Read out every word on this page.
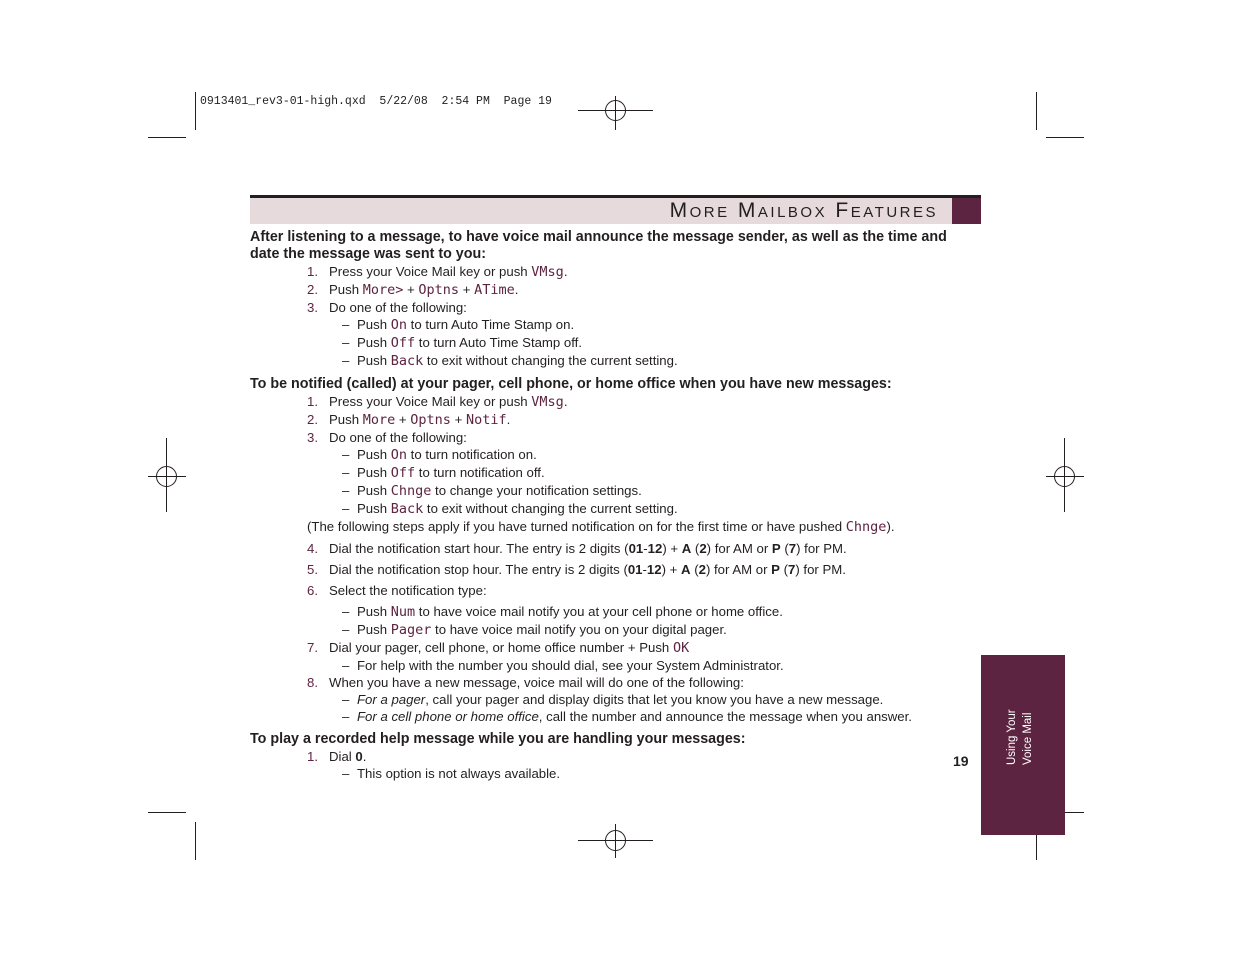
0913401_rev3-01-high.qxd  5/22/08  2:54 PM  Page 19
More Mailbox Features
Using Your Voice Mail
19

After listening to a message, to have voice mail announce the message sender, as well as the time and date the message was sent to you:

1. Press your Voice Mail key or push VMsg.
2. Push More> + Optns + ATime.
3. Do one of the following:
– Push On to turn Auto Time Stamp on.
– Push Off to turn Auto Time Stamp off.
– Push Back to exit without changing the current setting.

To be notified (called) at your pager, cell phone, or home office when you have new messages:

1. Press your Voice Mail key or push VMsg.
2. Push More + Optns + Notif.
3. Do one of the following:
– Push On to turn notification on.
– Push Off to turn notification off.
– Push Chnge to change your notification settings.
– Push Back to exit without changing the current setting.
(The following steps apply if you have turned notification on for the first time or have pushed Chnge).
4. Dial the notification start hour. The entry is 2 digits (01-12) + A (2) for AM or P (7) for PM.
5. Dial the notification stop hour. The entry is 2 digits (01-12) + A (2) for AM or P (7) for PM.
6. Select the notification type:
– Push Num to have voice mail notify you at your cell phone or home office.
– Push Pager to have voice mail notify you on your digital pager.
7. Dial your pager, cell phone, or home office number + Push OK
– For help with the number you should dial, see your System Administrator.
8. When you have a new message, voice mail will do one of the following:
– For a pager, call your pager and display digits that let you know you have a new message.
– For a cell phone or home office, call the number and announce the message when you answer.

To play a recorded help message while you are handling your messages:

1. Dial 0.
– This option is not always available.
